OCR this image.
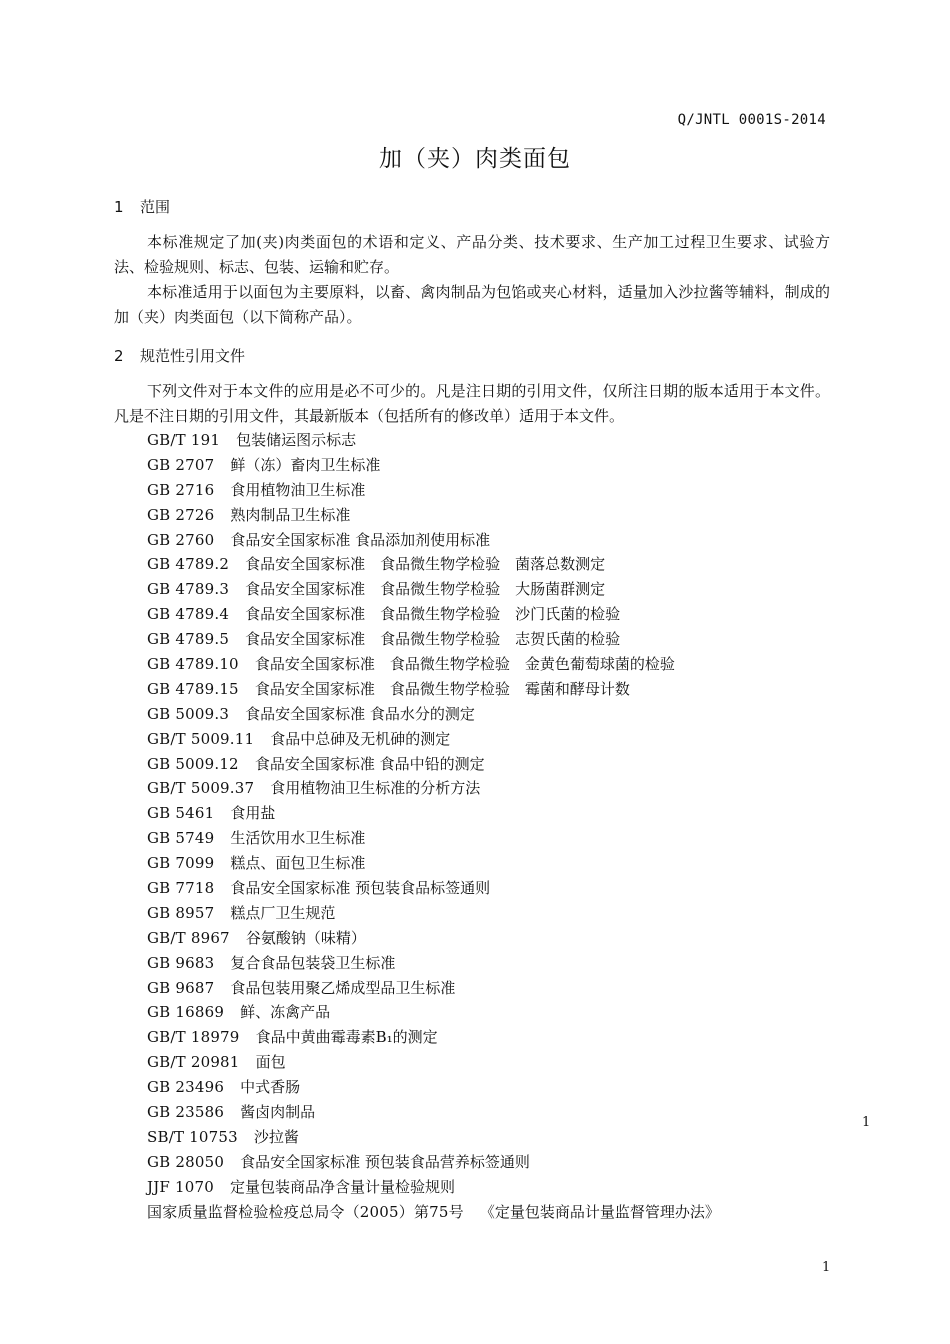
Q/JNTL 0001S-2014
加（夹）肉类面包
1 范围

本标准规定了加(夹)肉类面包的术语和定义、产品分类、技术要求、生产加工过程卫生要求、试验方法、检验规则、标志、包装、运输和贮存。

本标准适用于以面包为主要原料，以畜、禽肉制品为包馅或夹心材料，适量加入沙拉酱等辅料，制成的加（夹）肉类面包（以下简称产品）。

2 规范性引用文件

下列文件对于本文件的应用是必不可少的。凡是注日期的引用文件，仅所注日期的版本适用于本文件。凡是不注日期的引用文件，其最新版本（包括所有的修改单）适用于本文件。

GB/T 191 包装储运图示标志
GB 2707 鲜（冻）畜肉卫生标准
GB 2716 食用植物油卫生标准
GB 2726 熟肉制品卫生标准
GB 2760 食品安全国家标准 食品添加剂使用标准
GB 4789.2 食品安全国家标准　食品微生物学检验　菌落总数测定
GB 4789.3 食品安全国家标准　食品微生物学检验　大肠菌群测定
GB 4789.4 食品安全国家标准　食品微生物学检验　沙门氏菌的检验
GB 4789.5 食品安全国家标准　食品微生物学检验　志贺氏菌的检验
GB 4789.10 食品安全国家标准　食品微生物学检验　金黄色葡萄球菌的检验
GB 4789.15 食品安全国家标准　食品微生物学检验　霉菌和酵母计数
GB 5009.3 食品安全国家标准 食品水分的测定
GB/T 5009.11 食品中总砷及无机砷的测定
GB 5009.12 食品安全国家标准 食品中铅的测定
GB/T 5009.37 食用植物油卫生标准的分析方法
GB 5461 食用盐
GB 5749 生活饮用水卫生标准
GB 7099 糕点、面包卫生标准
GB 7718 食品安全国家标准 预包装食品标签通则
GB 8957 糕点厂卫生规范
GB/T 8967 谷氨酸钠（味精）
GB 9683 复合食品包装袋卫生标准
GB 9687 食品包装用聚乙烯成型品卫生标准
GB 16869 鲜、冻禽产品
GB/T 18979 食品中黄曲霉毒素B₁的测定
GB/T 20981 面包
GB 23496 中式香肠
GB 23586 酱卤肉制品
SB/T 10753 沙拉酱
GB 28050 食品安全国家标准 预包装食品营养标签通则
JJF 1070 定量包装商品净含量计量检验规则
国家质量监督检验检疫总局令（2005）第75号 《定量包装商品计量监督管理办法》
1
1
